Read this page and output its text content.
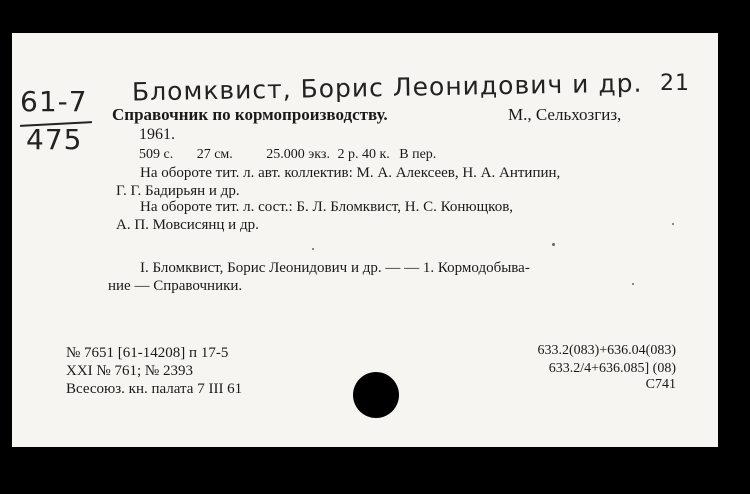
61-7
475
Бломквист, Борис Леонидович и др. 21
Справочник по кормопроизводству.	М., Сельхозгиз,
1961.
509 с. 27 см. 25.000 экз. 2 р. 40 к. В пер.
На обороте тит. л. авт. коллектив: М. А. Алексеев, Н. А. Антипин,
Г. Г. Бадирьян и др.
На обороте тит. л. сост.: Б. Л. Бломквист, Н. С. Конющков,
А. П. Мовсисянц и др.
I. Бломквист, Борис Леонидович и др. — — 1. Кормодобыва-
ние — Справочники.
№ 7651 [61-14208] п 17-5
XXI № 761; № 2393
Всесоюз. кн. палата 7 III 61
633.2(083)+636.04(083)
633.2/4+636.085] (08)
C741
